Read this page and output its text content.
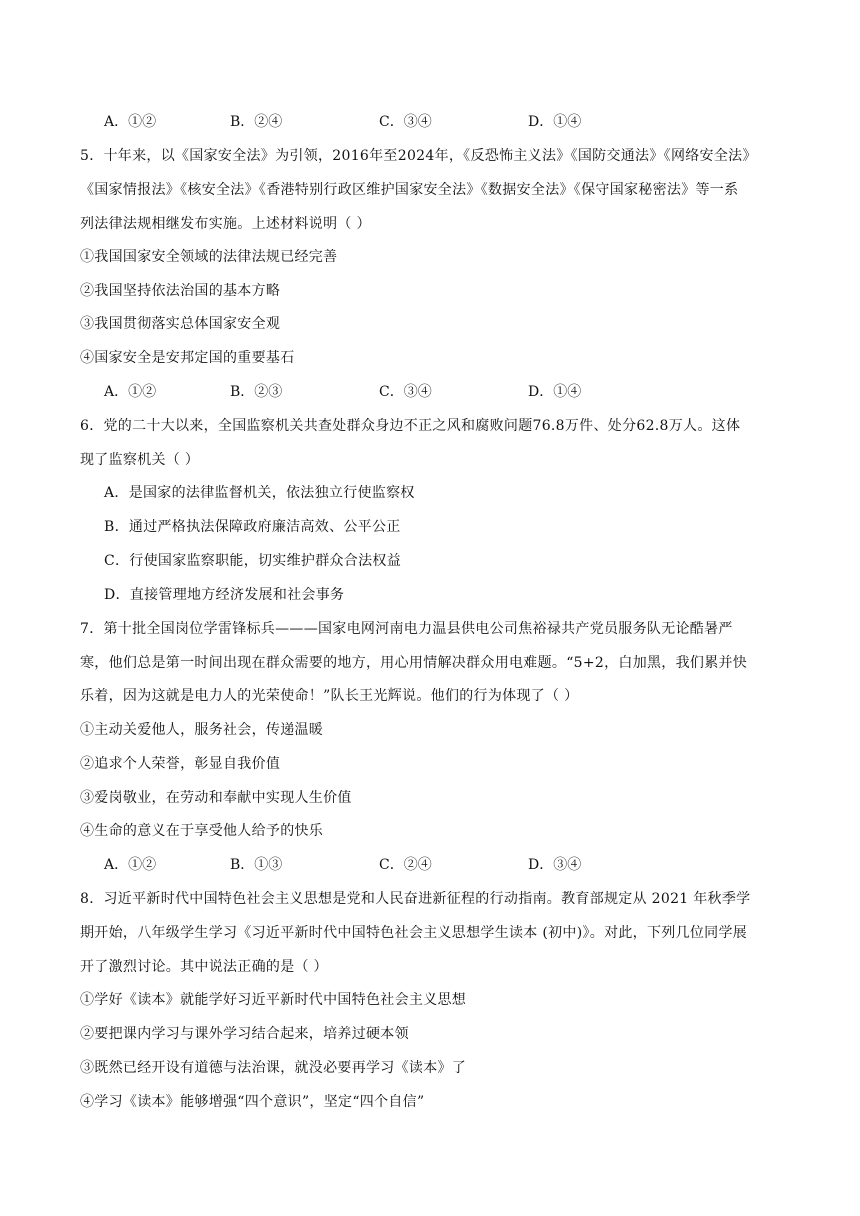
A．①②	B．②④	C．③④	D．①④
5．十年来，以《国家安全法》为引领，2016年至2024年，《反恐怖主义法》《国防交通法》《网络安全法》
《国家情报法》《核安全法》《香港特别行政区维护国家安全法》《数据安全法》《保守国家秘密法》等一系
列法律法规相继发布实施。上述材料说明（ ）
①我国国家安全领域的法律法规已经完善
②我国坚持依法治国的基本方略
③我国贯彻落实总体国家安全观
④国家安全是安邦定国的重要基石
A．①②	B．②③	C．③④	D．①④
6．党的二十大以来，全国监察机关共查处群众身边不正之风和腐败问题76.8万件、处分62.8万人。这体
现了监察机关（ ）
A．是国家的法律监督机关，依法独立行使监察权
B．通过严格执法保障政府廉洁高效、公平公正
C．行使国家监察职能，切实维护群众合法权益
D．直接管理地方经济发展和社会事务
7．第十批全国岗位学雷锋标兵———国家电网河南电力温县供电公司焦裕禄共产党员服务队无论酷暑严
寒，他们总是第一时间出现在群众需要的地方，用心用情解决群众用电难题。“5+2，白加黑，我们累并快
乐着，因为这就是电力人的光荣使命！”队长王光辉说。他们的行为体现了（ ）
①主动关爱他人，服务社会，传递温暖
②追求个人荣誉，彰显自我价值
③爱岗敬业，在劳动和奉献中实现人生价值
④生命的意义在于享受他人给予的快乐
A．①②	B．①③	C．②④	D．③④
8．习近平新时代中国特色社会主义思想是党和人民奋进新征程的行动指南。教育部规定从 2021 年秋季学
期开始，八年级学生学习《习近平新时代中国特色社会主义思想学生读本 (初中)》。对此，下列几位同学展
开了激烈讨论。其中说法正确的是（ ）
①学好《读本》就能学好习近平新时代中国特色社会主义思想
②要把课内学习与课外学习结合起来，培养过硬本领
③既然已经开设有道德与法治课，就没必要再学习《读本》了
④学习《读本》能够增强“四个意识”，坚定“四个自信”
